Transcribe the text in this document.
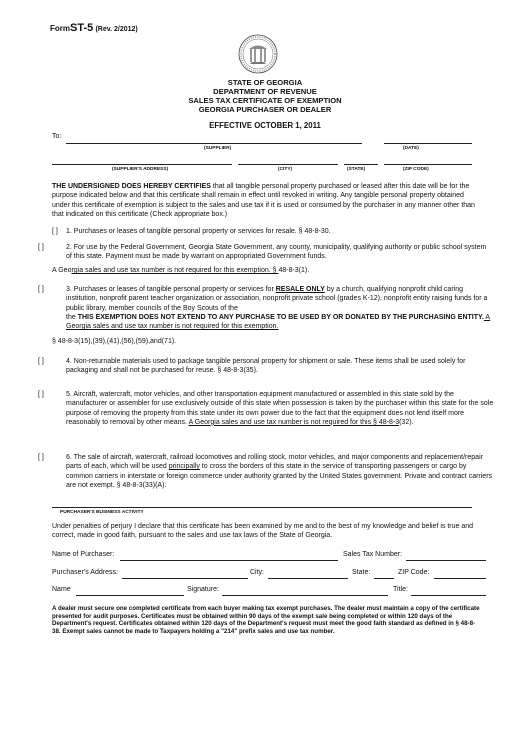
FormST-5 (Rev. 2/2012)
STATE OF GEORGIA
DEPARTMENT OF REVENUE
SALES TAX CERTIFICATE OF EXEMPTION
GEORGIA PURCHASER OR DEALER
EFFECTIVE OCTOBER 1, 2011
To:
(SUPPLIER)	(DATE)
(SUPPLIER'S ADDRESS)	(CITY)	(STATE)	(ZIP CODE)
THE UNDERSIGNED DOES HEREBY CERTIFIES that all tangible personal property purchased or leased after this date will be for the purpose indicated below and that this certificate shall remain in effect until revoked in writing. Any tangible personal property obtained under this certificate of exemption is subject to the sales and use tax if it is used or consumed by the purchaser in any manner other than that indicated on this certificate (Check appropriate box.)
[ ] 1. Purchases or leases of tangible personal property or services for resale. § 48-8-30.
[ ]	2. For use by the Federal Government, Georgia State Government, any county, municipality, qualifying authority or public school system of this state. Payment must be made by warrant on appropriated Government funds.
A Georgia sales and use tax number is not required for this exemption. § 48-8-3(1).
[ ]	3. Purchases or leases of tangible personal property or services for RESALE ONLY by a church, qualifying nonprofit child caring institution, nonprofit parent teacher organization or association, nonprofit private school (grades K-12), nonprofit entity raising funds for a public library, member councils of the Boy Scouts of the
the THIS EXEMPTION DOES NOT EXTEND TO ANY PURCHASE TO BE USED BY OR DONATED BY THE PURCHASING ENTITY. A Georgia sales and use tax number is not required for this exemption.
§ 48-8-3(15),(39),(41),(56),(59),and(71).
[ ]	4. Non-returnable materials used to package tangible personal property for shipment or sale. These items shall be used solely for packaging and shall not be purchased for reuse. § 48-8-3(35).
[ ]	5. Aircraft, watercraft, motor vehicles, and other transportation equipment manufactured or assembled in this state sold by the manufacturer or assembler for use exclusively outside of this state when possession is taken by the purchaser within this state for the sole purpose of removing the property from this state under its own power due to the fact that the equipment does not lend itself more reasonably to removal by other means. A Georgia sales and use tax number is not required for this § 48-8-3(32).
[ ]	6. The sale of aircraft, watercraft, railroad locomotives and rolling stock, motor vehicles, and major components and replacement/repair parts of each, which will be used principally to cross the borders of this state in the service of transporting passengers or cargo by common carriers in interstate or foreign commerce under authority granted by the United States government. Private and contract carriers are not exempt. § 48-8-3(33)(A).
PURCHASER'S BUSINESS ACTIVITY
Under penalties of perjury I declare that this certificate has been examined by me and to the best of my knowledge and belief is true and correct, made in good faith, pursuant to the sales and use tax laws of the State of Georgia.
Name of Purchaser:	Sales Tax Number:
Purchaser's Address:	City:	State:	ZIP Code:
Name	Signature:	Title:
A dealer must secure one completed certificate from each buyer making tax exempt purchases. The dealer must maintain a copy of the certificate presented for audit purposes. Certificates must be obtained within 90 days of the exempt sale being completed or within 120 days of the Department's request. Certificates obtained within 120 days of the Department's request must meet the good faith standard as defined in § 48-8-38. Exempt sales cannot be made to Taxpayers holding a "214" prefix sales and use tax number.
